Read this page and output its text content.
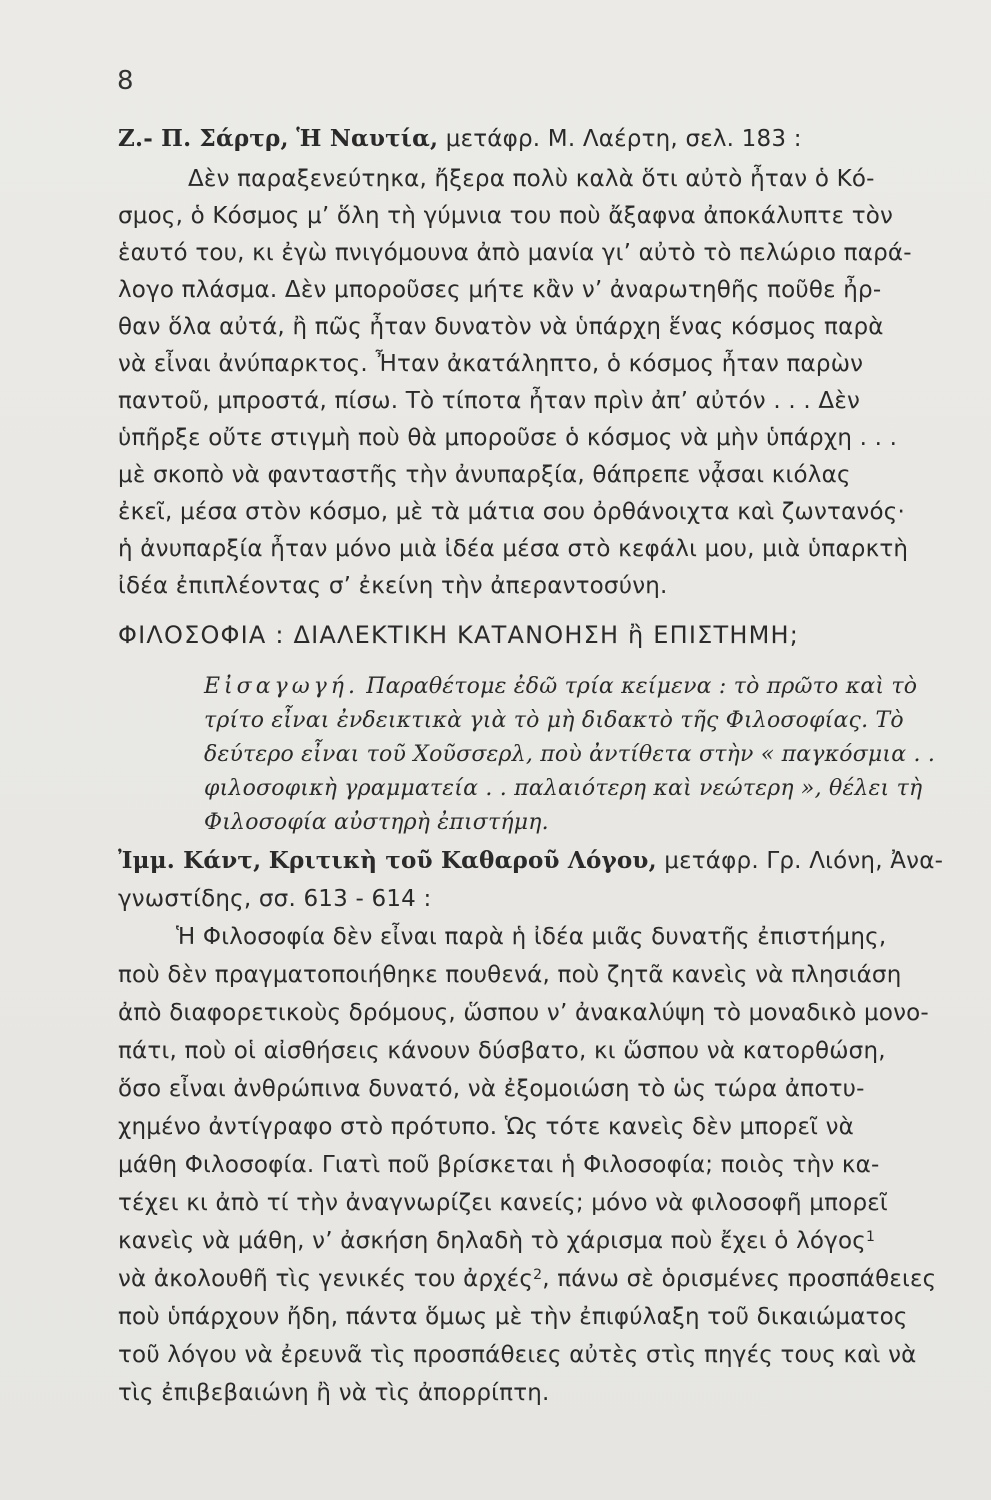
8
Ζ.- Π. Σάρτρ, Ἡ Ναυτία, μετάφρ. Μ. Λαέρτη, σελ. 183 :
Δὲν παραξενεύτηκα, ἤξερα πολὺ καλὰ ὅτι αὐτὸ ἦταν ὁ Κό-
σμος, ὁ Κόσμος μ’ ὅλη τὴ γύμνια του ποὺ ἄξαφνα ἀποκάλυπτε τὸν
ἑαυτό του, κι ἐγὼ πνιγόμουνα ἀπὸ μανία γι’ αὐτὸ τὸ πελώριο παρά-
λογο πλάσμα. Δὲν μποροῦσες μήτε κἂν ν’ ἀναρωτηθῆς ποῦθε ἦρ-
θαν ὅλα αὐτά, ἢ πῶς ἦταν δυνατὸν νὰ ὑπάρχη ἕνας κόσμος παρὰ
νὰ εἶναι ἀνύπαρκτος. Ἦταν ἀκατάληπτο, ὁ κόσμος ἦταν παρὼν
παντοῦ, μπροστά, πίσω. Τὸ τίποτα ἦταν πρὶν ἀπ’ αὐτόν . . . Δὲν
ὑπῆρξε οὔτε στιγμὴ ποὺ θὰ μποροῦσε ὁ κόσμος νὰ μὴν ὑπάρχη . . .
μὲ σκοπὸ νὰ φανταστῆς τὴν ἀνυπαρξία, θάπρεπε νᾆσαι κιόλας
ἐκεῖ, μέσα στὸν κόσμο, μὲ τὰ μάτια σου ὀρθάνοιχτα καὶ ζωντανός·
ἡ ἀνυπαρξία ἦταν μόνο μιὰ ἰδέα μέσα στὸ κεφάλι μου, μιὰ ὑπαρκτὴ
ἰδέα ἐπιπλέοντας σ’ ἐκείνη τὴν ἀπεραντοσύνη.
ΦΙΛΟΣΟΦΙΑ : ΔΙΑΛΕΚΤΙΚΗ ΚΑΤΑΝΟΗΣΗ ἢ ΕΠΙΣΤΗΜΗ;
Εἰσαγωγή. Παραθέτομε ἐδῶ τρία κείμενα : τὸ πρῶτο καὶ τὸ
τρίτο εἶναι ἐνδεικτικὰ γιὰ τὸ μὴ διδακτὸ τῆς Φιλοσοφίας. Τὸ
δεύτερο εἶναι τοῦ Χοῦσσερλ, ποὺ ἀντίθετα στὴν « παγκόσμια . .
φιλοσοφικὴ γραμματεία . . παλαιότερη καὶ νεώτερη », θέλει τὴ
Φιλοσοφία αὐστηρὴ ἐπιστήμη.
Ἰμμ. Κάντ, Κριτικὴ τοῦ Καθαροῦ Λόγου, μετάφρ. Γρ. Λιόνη, Ἀνα-
γνωστίδης, σσ. 613 - 614 :
Ἡ Φιλοσοφία δὲν εἶναι παρὰ ἡ ἰδέα μιᾶς δυνατῆς ἐπιστήμης,
ποὺ δὲν πραγματοποιήθηκε πουθενά, ποὺ ζητᾶ κανεὶς νὰ πλησιάση
ἀπὸ διαφορετικοὺς δρόμους, ὥσπου ν’ ἀνακαλύψη τὸ μοναδικὸ μονο-
πάτι, ποὺ οἱ αἰσθήσεις κάνουν δύσβατο, κι ὥσπου νὰ κατορθώση,
ὅσο εἶναι ἀνθρώπινα δυνατό, νὰ ἐξομοιώση τὸ ὡς τώρα ἀποτυ-
χημένο ἀντίγραφο στὸ πρότυπο. Ὡς τότε κανεὶς δὲν μπορεῖ νὰ
μάθη Φιλοσοφία. Γιατὶ ποῦ βρίσκεται ἡ Φιλοσοφία; ποιὸς τὴν κα-
τέχει κι ἀπὸ τί τὴν ἀναγνωρίζει κανείς; μόνο νὰ φιλοσοφῆ μπορεῖ
κανεὶς νὰ μάθη, ν’ ἀσκήση δηλαδὴ τὸ χάρισμα ποὺ ἔχει ὁ λόγος$^1$
νὰ ἀκολουθῆ τὶς γενικές του ἀρχές$^2$, πάνω σὲ ὁρισμένες προσπάθειες
ποὺ ὑπάρχουν ἤδη, πάντα ὅμως μὲ τὴν ἐπιφύλαξη τοῦ δικαιώματος
τοῦ λόγου νὰ ἐρευνᾶ τὶς προσπάθειες αὐτὲς στὶς πηγές τους καὶ νὰ
τὶς ἐπιβεβαιώνη ἢ νὰ τὶς ἀπορρίπτη.
